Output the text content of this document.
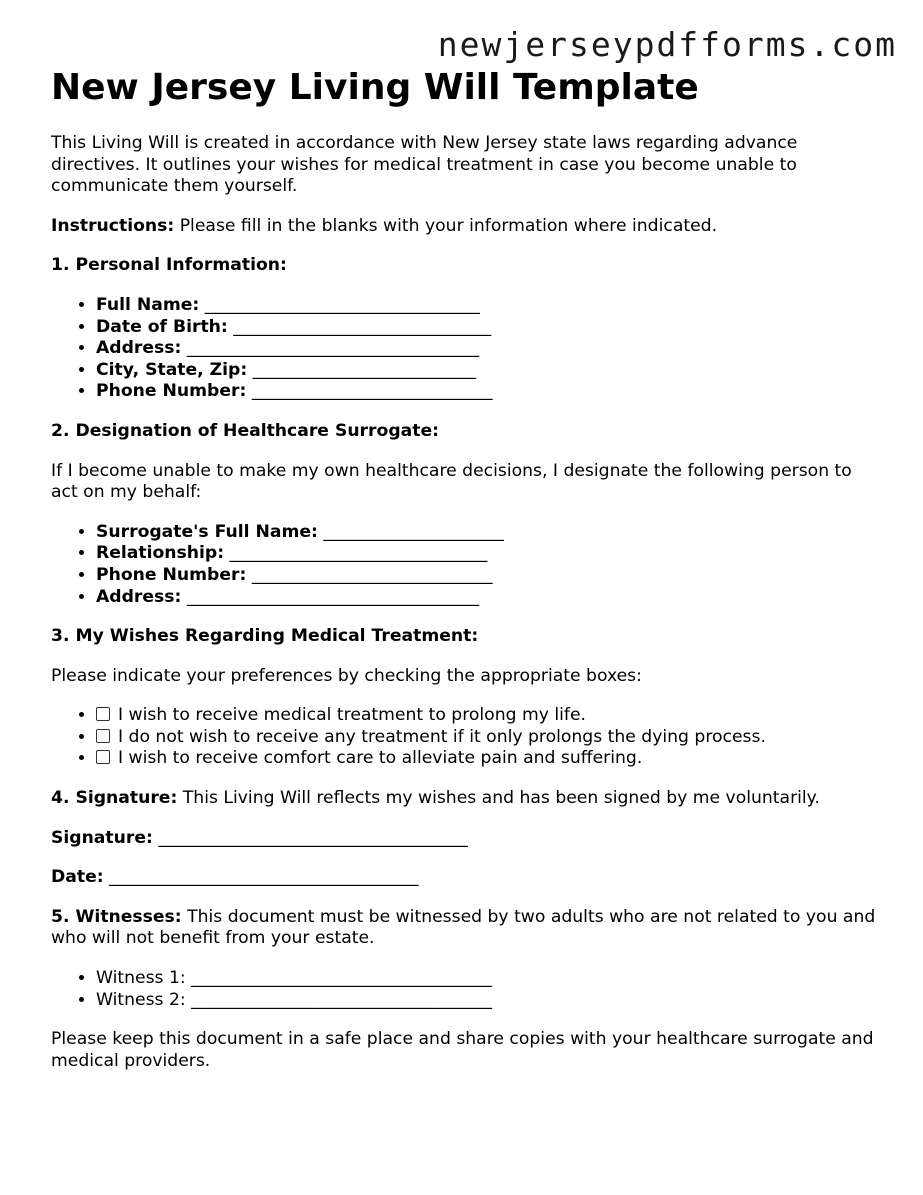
newjerseypdfforms.com
New Jersey Living Will Template

This Living Will is created in accordance with New Jersey state laws regarding advance directives. It outlines your wishes for medical treatment in case you become unable to communicate them yourself.

Instructions: Please fill in the blanks with your information where indicated.

1. Personal Information:
• Full Name: ________________________________
• Date of Birth: ______________________________
• Address: __________________________________
• City, State, Zip: __________________________
• Phone Number: ____________________________
2. Designation of Healthcare Surrogate:

If I become unable to make my own healthcare decisions, I designate the following person to act on my behalf:

• Surrogate's Full Name: _____________________
• Relationship: ______________________________
• Phone Number: ____________________________
• Address: __________________________________
3. My Wishes Regarding Medical Treatment:

Please indicate your preferences by checking the appropriate boxes:

• I wish to receive medical treatment to prolong my life.
• I do not wish to receive any treatment if it only prolongs the dying process.
• I wish to receive comfort care to alleviate pain and suffering.

4. Signature: This Living Will reflects my wishes and has been signed by me voluntarily.

Signature: ____________________________________

Date: ____________________________________

5. Witnesses: This document must be witnessed by two adults who are not related to you and who will not benefit from your estate.

• Witness 1: ___________________________________
• Witness 2: ___________________________________

Please keep this document in a safe place and share copies with your healthcare surrogate and medical providers.
